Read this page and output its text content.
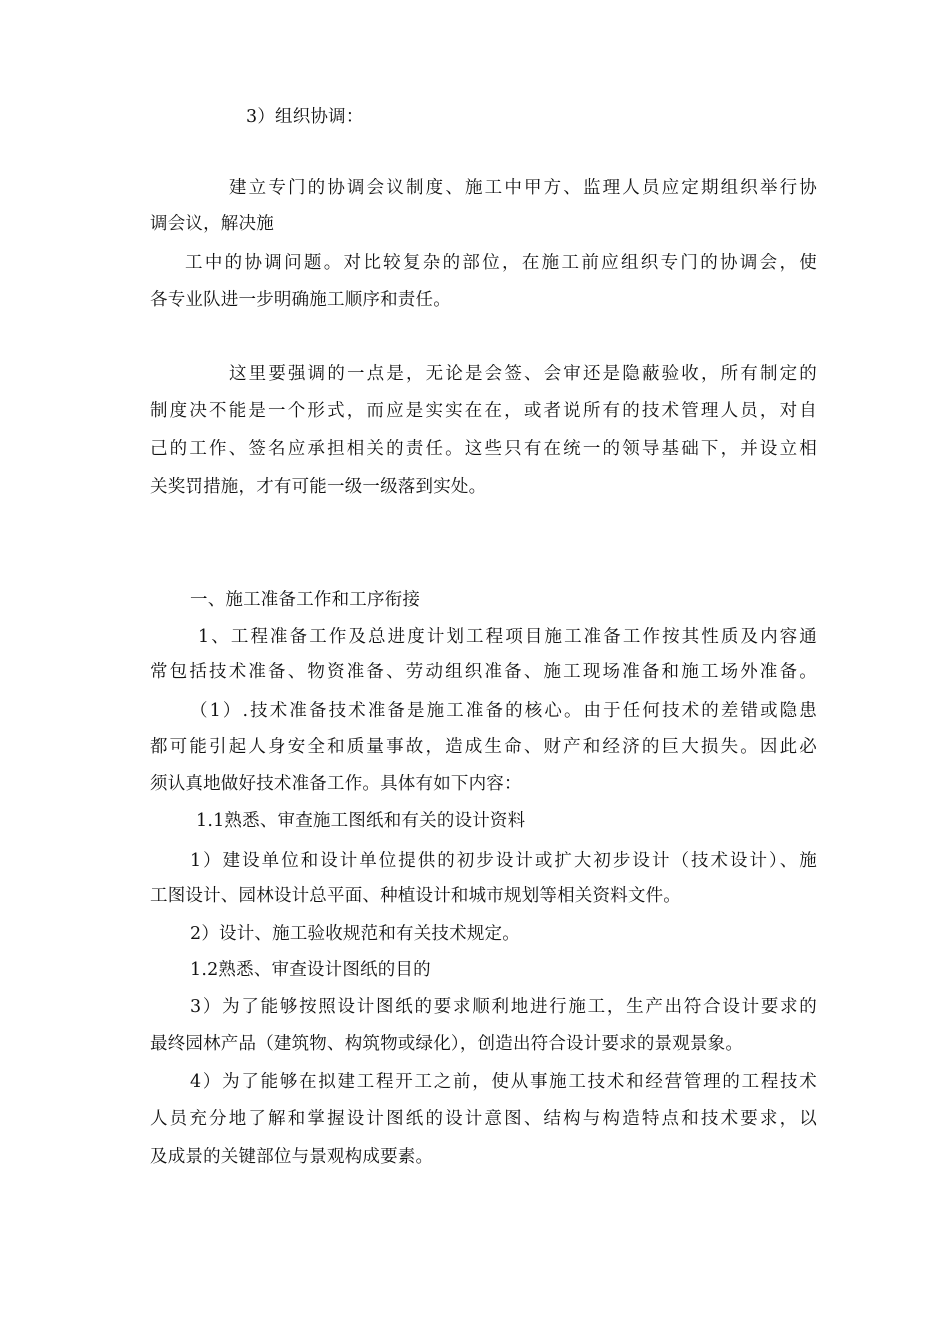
3）组织协调：
建立专门的协调会议制度、施工中甲方、监理人员应定期组织举行协
调会议，解决施
工中的协调问题。对比较复杂的部位，在施工前应组织专门的协调会，使
各专业队进一步明确施工顺序和责任。
这里要强调的一点是，无论是会签、会审还是隐蔽验收，所有制定的
制度决不能是一个形式，而应是实实在在，或者说所有的技术管理人员，对自
己的工作、签名应承担相关的责任。这些只有在统一的领导基础下，并设立相
关奖罚措施，才有可能一级一级落到实处。
一、施工准备工作和工序衔接
1、工程准备工作及总进度计划工程项目施工准备工作按其性质及内容通
常包括技术准备、物资准备、劳动组织准备、施工现场准备和施工场外准备。
（1）.技术准备技术准备是施工准备的核心。由于任何技术的差错或隐患
都可能引起人身安全和质量事故，造成生命、财产和经济的巨大损失。因此必
须认真地做好技术准备工作。具体有如下内容：
1.1熟悉、审查施工图纸和有关的设计资料
1）建设单位和设计单位提供的初步设计或扩大初步设计（技术设计）、施
工图设计、园林设计总平面、种植设计和城市规划等相关资料文件。
2）设计、施工验收规范和有关技术规定。
1.2熟悉、审查设计图纸的目的
3）为了能够按照设计图纸的要求顺利地进行施工，生产出符合设计要求的
最终园林产品（建筑物、构筑物或绿化），创造出符合设计要求的景观景象。
4）为了能够在拟建工程开工之前，使从事施工技术和经营管理的工程技术
人员充分地了解和掌握设计图纸的设计意图、结构与构造特点和技术要求，以
及成景的关键部位与景观构成要素。
